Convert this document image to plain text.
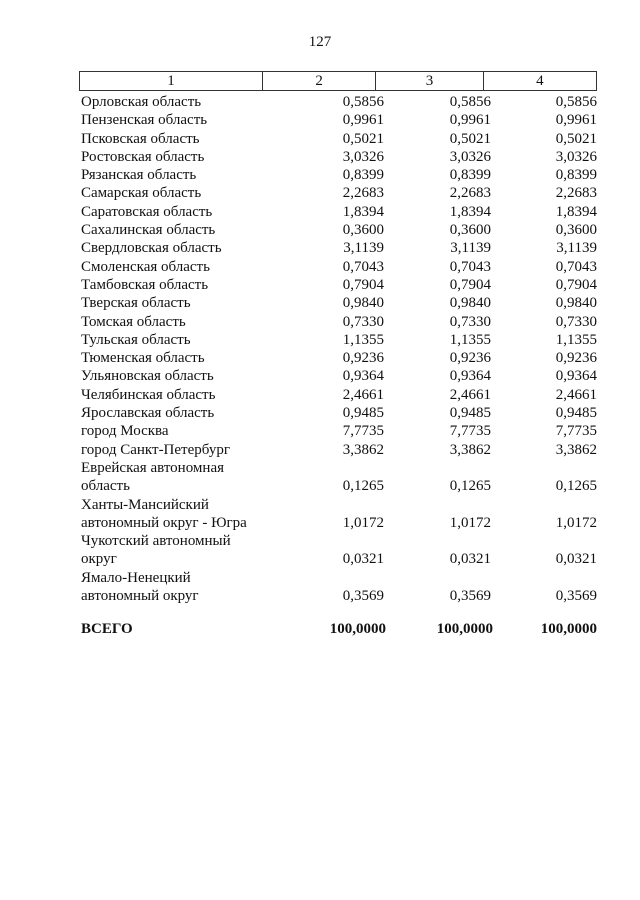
127
1	2	3	4
Орловская область	0,5856	0,5856	0,5856
Пензенская область	0,9961	0,9961	0,9961
Псковская область	0,5021	0,5021	0,5021
Ростовская область	3,0326	3,0326	3,0326
Рязанская область	0,8399	0,8399	0,8399
Самарская область	2,2683	2,2683	2,2683
Саратовская область	1,8394	1,8394	1,8394
Сахалинская область	0,3600	0,3600	0,3600
Свердловская область	3,1139	3,1139	3,1139
Смоленская область	0,7043	0,7043	0,7043
Тамбовская область	0,7904	0,7904	0,7904
Тверская область	0,9840	0,9840	0,9840
Томская область	0,7330	0,7330	0,7330
Тульская область	1,1355	1,1355	1,1355
Тюменская область	0,9236	0,9236	0,9236
Ульяновская область	0,9364	0,9364	0,9364
Челябинская область	2,4661	2,4661	2,4661
Ярославская область	0,9485	0,9485	0,9485
город Москва	7,7735	7,7735	7,7735
город Санкт-Петербург	3,3862	3,3862	3,3862
Еврейская автономная
область	0,1265	0,1265	0,1265
Ханты-Мансийский
автономный округ - Югра	1,0172	1,0172	1,0172
Чукотский автономный
округ	0,0321	0,0321	0,0321
Ямало-Ненецкий
автономный округ	0,3569	0,3569	0,3569
ВСЕГО	100,0000	100,0000	100,0000
